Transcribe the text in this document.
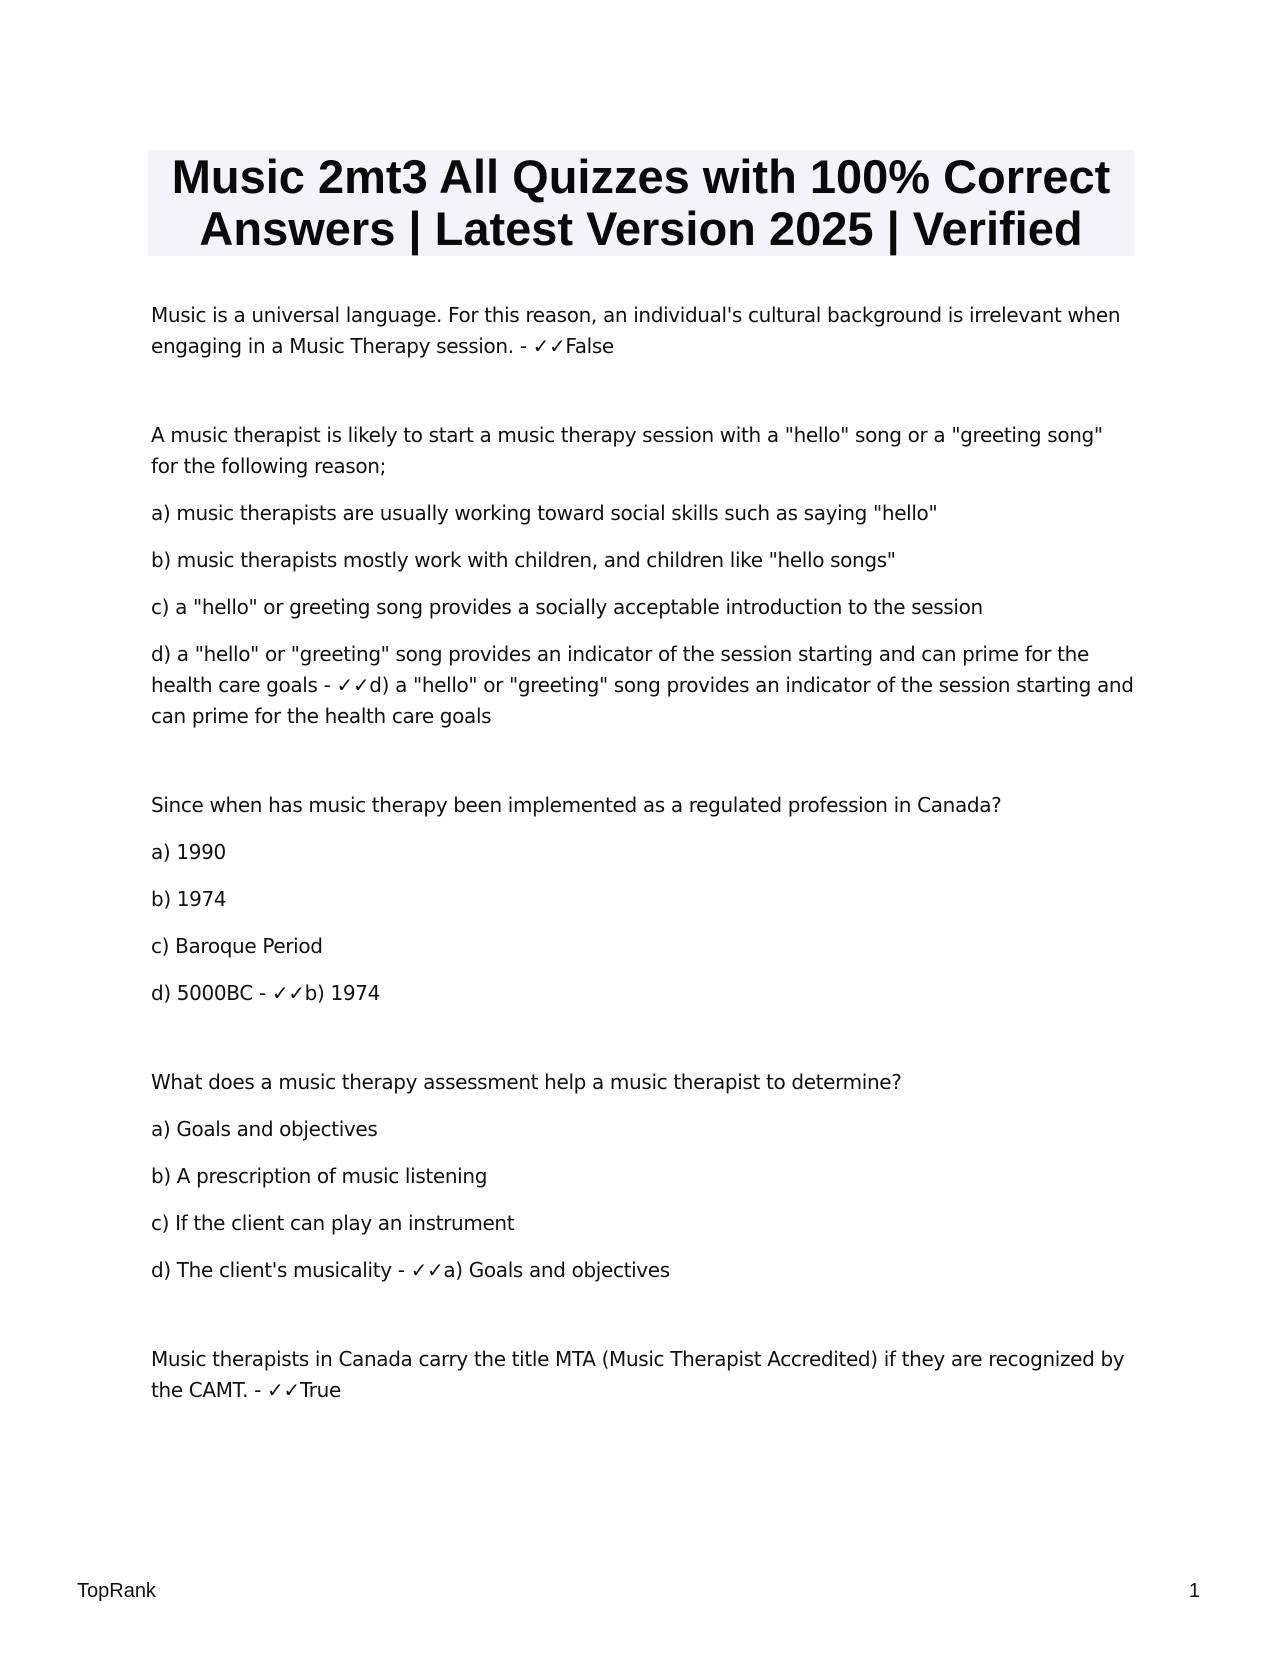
Music 2mt3 All Quizzes with 100% Correct
Answers | Latest Version 2025 | Verified

Music is a universal language. For this reason, an individual's cultural background is irrelevant when engaging in a Music Therapy session. - ✓✓False

A music therapist is likely to start a music therapy session with a "hello" song or a "greeting song" for the following reason;

a) music therapists are usually working toward social skills such as saying "hello"

b) music therapists mostly work with children, and children like "hello songs"

c) a "hello" or greeting song provides a socially acceptable introduction to the session

d) a "hello" or "greeting" song provides an indicator of the session starting and can prime for the health care goals - ✓✓d) a "hello" or "greeting" song provides an indicator of the session starting and can prime for the health care goals

Since when has music therapy been implemented as a regulated profession in Canada?

a) 1990

b) 1974

c) Baroque Period

d) 5000BC - ✓✓b) 1974

What does a music therapy assessment help a music therapist to determine?

a) Goals and objectives

b) A prescription of music listening

c) If the client can play an instrument

d) The client's musicality - ✓✓a) Goals and objectives

Music therapists in Canada carry the title MTA (Music Therapist Accredited) if they are recognized by the CAMT. - ✓✓True

TopRank	1
